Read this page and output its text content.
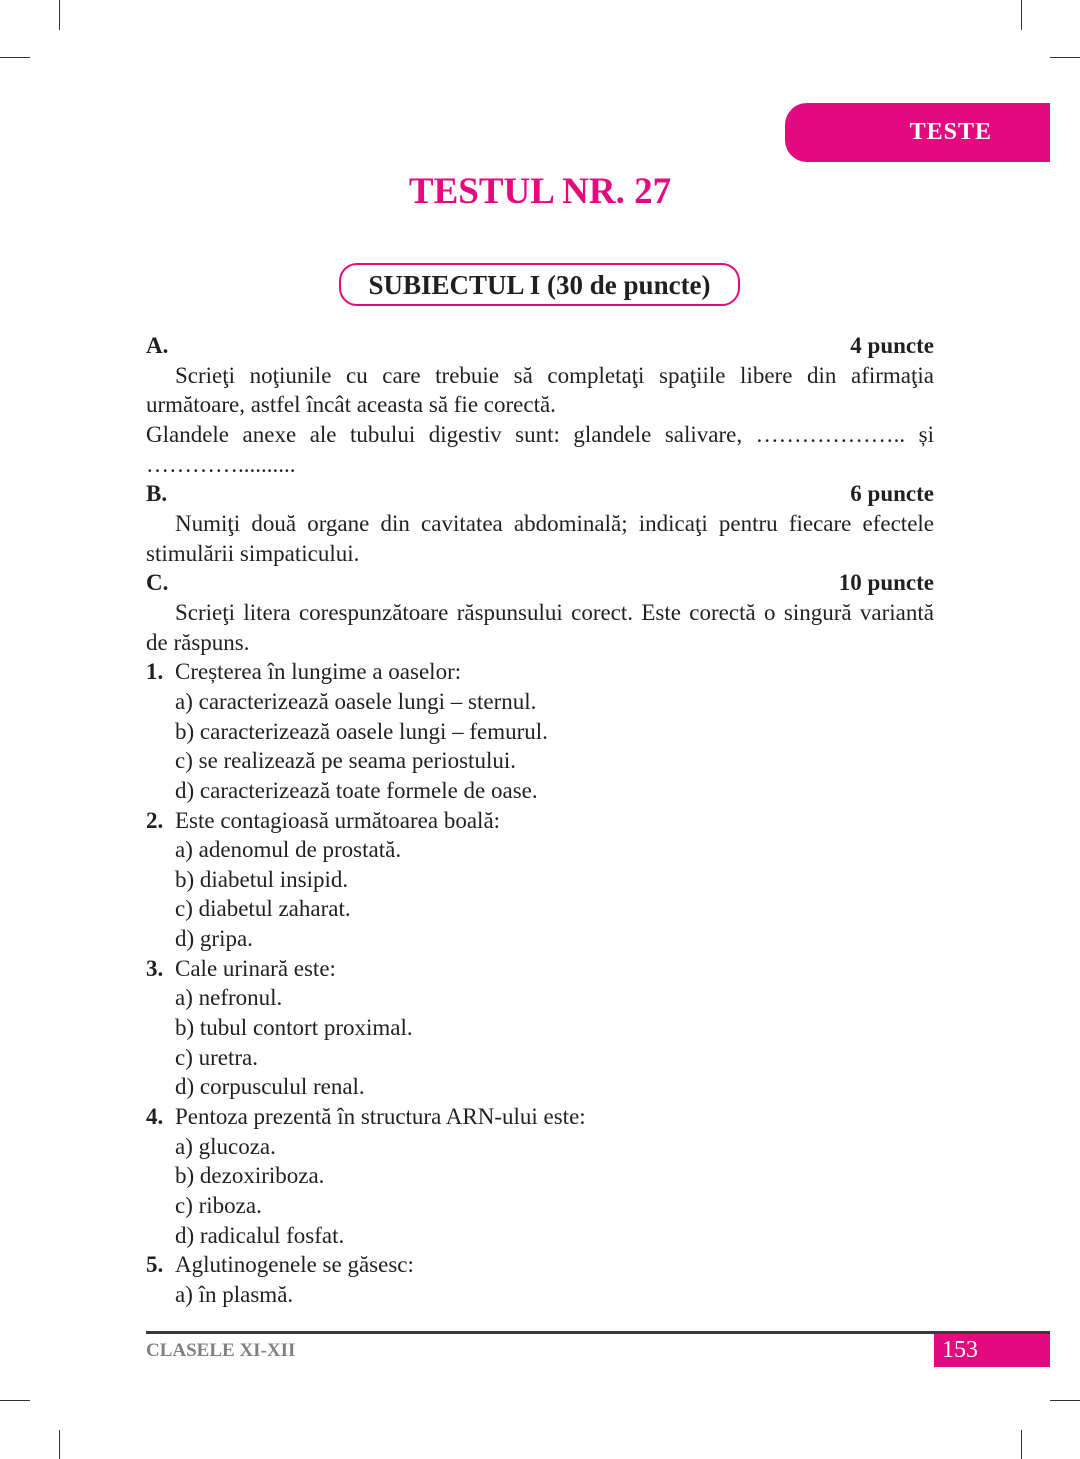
TESTE
TESTUL NR. 27
SUBIECTUL I (30 de puncte)
A.	4 puncte
Scrieţi noţiunile cu care trebuie să completaţi spaţiile libere din afirmaţia următoare, astfel încât aceasta să fie corectă.
Glandele anexe ale tubului digestiv sunt: glandele salivare, ……………….. și
…………..........
B.	6 puncte
Numiţi două organe din cavitatea abdominală; indicaţi pentru fiecare efectele stimulării simpaticului.
C.	10 puncte
Scrieţi litera corespunzătoare răspunsului corect. Este corectă o singură variantă de răspuns.
1. Creșterea în lungime a oaselor:
a) caracterizează oasele lungi – sternul.
b) caracterizează oasele lungi – femurul.
c) se realizează pe seama periostului.
d) caracterizează toate formele de oase.
2. Este contagioasă următoarea boală:
a) adenomul de prostată.
b) diabetul insipid.
c) diabetul zaharat.
d) gripa.
3. Cale urinară este:
a) nefronul.
b) tubul contort proximal.
c) uretra.
d) corpusculul renal.
4. Pentoza prezentă în structura ARN-ului este:
a) glucoza.
b) dezoxiriboza.
c) riboza.
d) radicalul fosfat.
5. Aglutinogenele se găsesc:
a) în plasmă.
CLASELE XI-XII	153
